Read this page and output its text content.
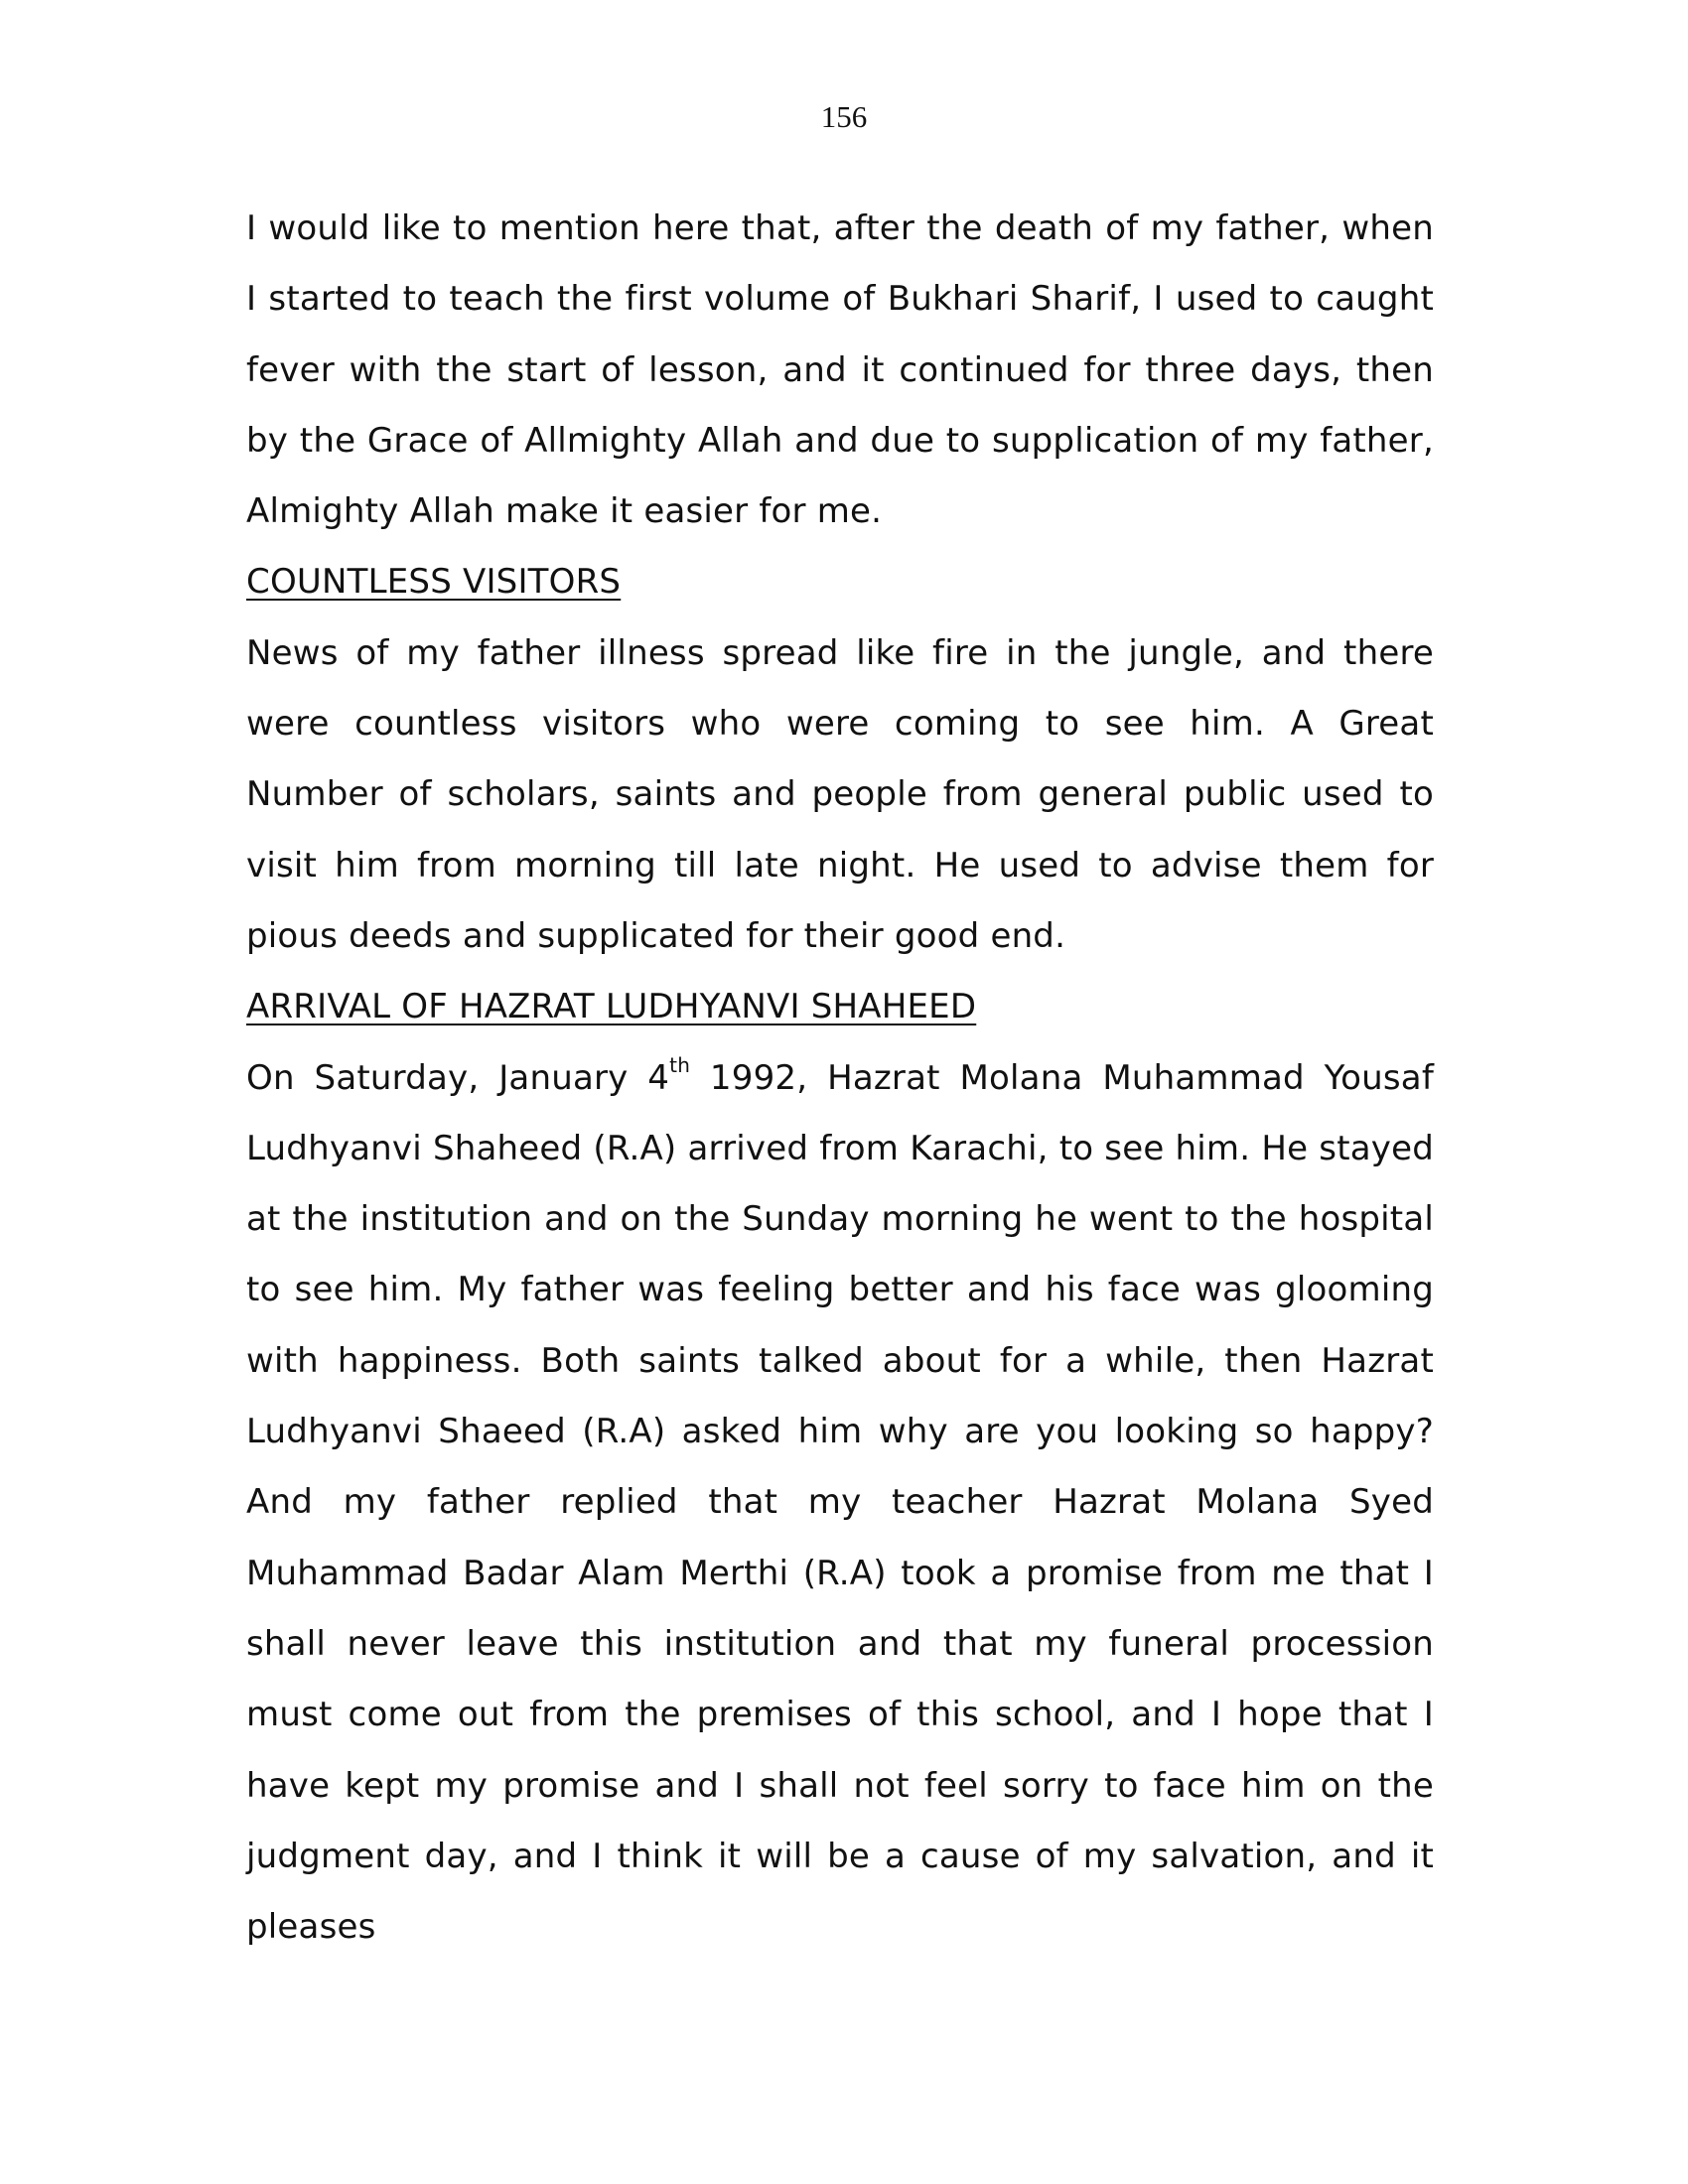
156

I would like to mention here that, after the death of my father, when I started to teach the first volume of Bukhari Sharif, I used to caught fever with the start of lesson, and it continued for three days, then by the Grace of Allmighty Allah and due to supplication of my father, Almighty Allah make it easier for me.

COUNTLESS VISITORS

News of my father illness spread like fire in the jungle, and there were countless visitors who were coming to see him. A Great Number of scholars, saints and people from general public used to visit him from morning till late night. He used to advise them for pious deeds and supplicated for their good end.

ARRIVAL OF HAZRAT LUDHYANVI SHAHEED

On Saturday, January 4th 1992, Hazrat Molana Muhammad Yousaf Ludhyanvi Shaheed (R.A) arrived from Karachi, to see him. He stayed at the institution and on the Sunday morning he went to the hospital to see him. My father was feeling better and his face was glooming with happiness. Both saints talked about for a while, then Hazrat Ludhyanvi Shaeed (R.A) asked him why are you looking so happy? And my father replied that my teacher Hazrat Molana Syed Muhammad Badar Alam Merthi (R.A) took a promise from me that I shall never leave this institution and that my funeral procession must come out from the premises of this school, and I hope that I have kept my promise and I shall not feel sorry to face him on the judgment day, and I think it will be a cause of my salvation, and it pleases
